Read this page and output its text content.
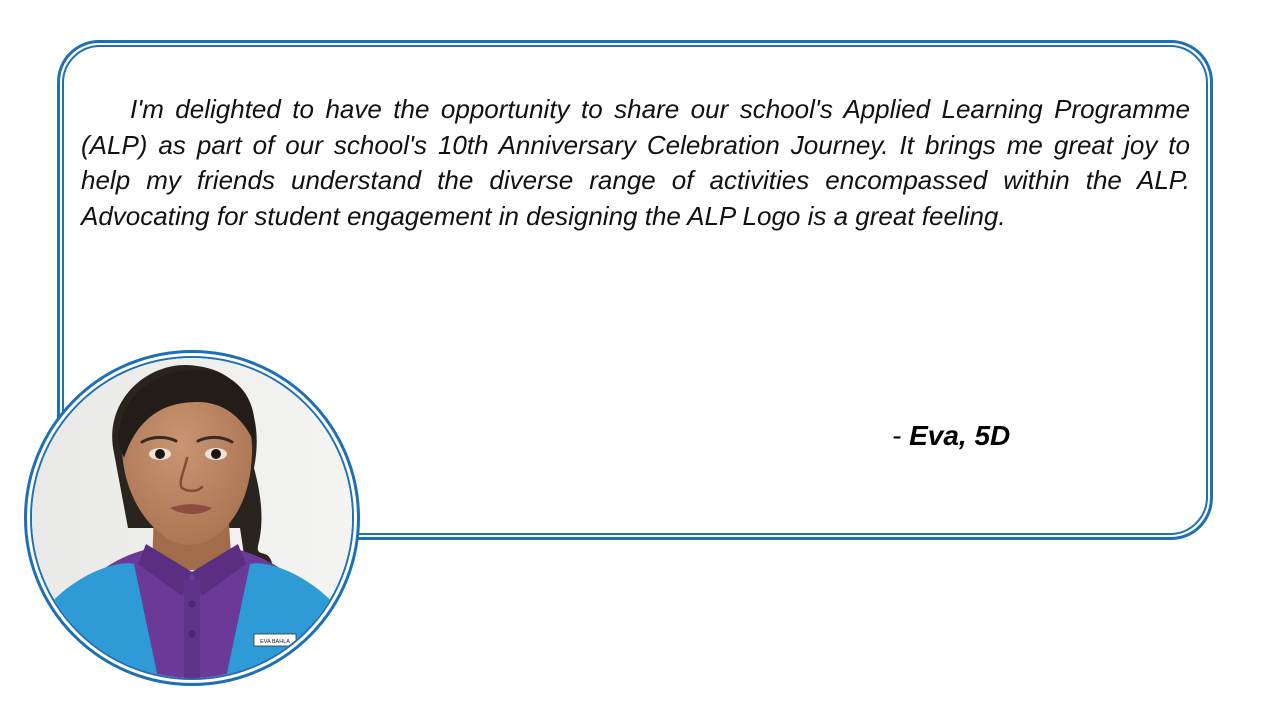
I'm delighted to have the opportunity to share our school's Applied Learning Programme (ALP) as part of our school's 10th Anniversary Celebration Journey. It brings me great joy to help my friends understand the diverse range of activities encompassed within the ALP. Advocating for student engagement in designing the ALP Logo is a great feeling.

- Eva, 5D
EVA BAHLA
